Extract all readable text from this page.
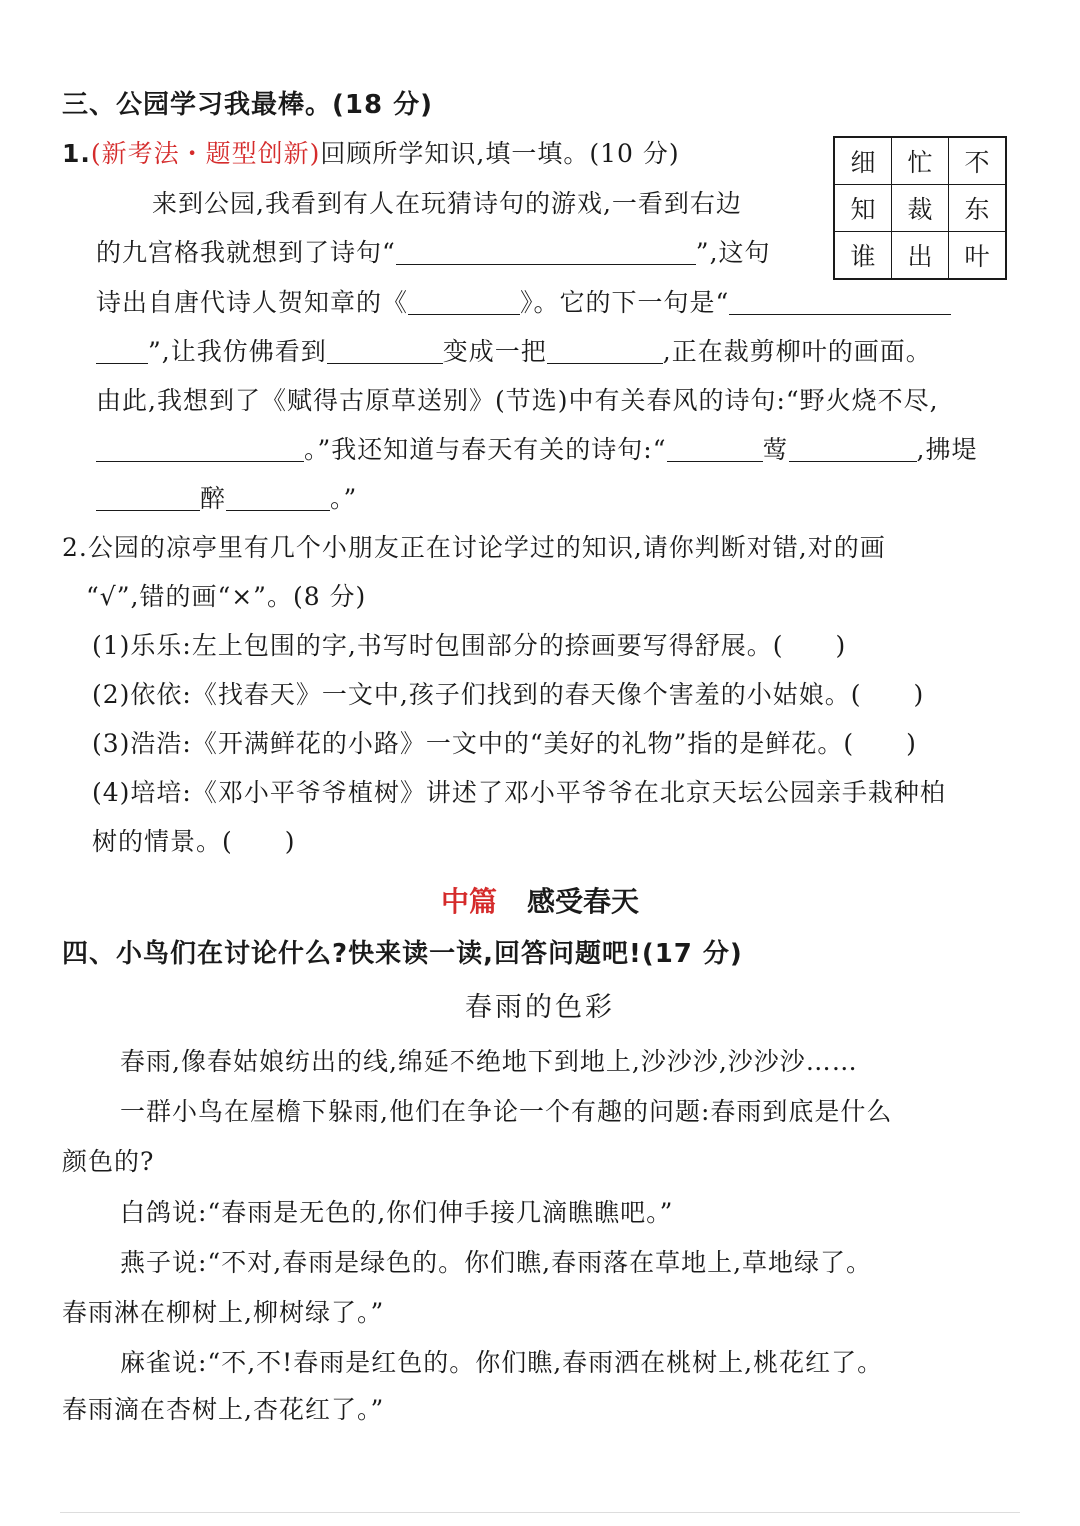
三、公园学习我最棒。(18 分)
1.(新考法・题型创新)回顾所学知识,填一填。(10 分)	细	忙	不
知	裁	东
谁	出	叶
来到公园,我看到有人在玩猜诗句的游戏,一看到右边
的九宫格我就想到了诗句“	”,这句
诗出自唐代诗人贺知章的《	》。它的下一句是“
”,让我仿佛看到	变成一把	,正在裁剪柳叶的画面。
由此,我想到了《赋得古原草送别》(节选)中有关春风的诗句:“野火烧不尽,
。”我还知道与春天有关的诗句:“	莺	,拂堤
醉	。”
2.公园的凉亭里有几个小朋友正在讨论学过的知识,请你判断对错,对的画
“√”,错的画“×”。(8 分)
(1)乐乐:左上包围的字,书写时包围部分的捺画要写得舒展。( )
(2)依依:《找春天》一文中,孩子们找到的春天像个害羞的小姑娘。( )
(3)浩浩:《开满鲜花的小路》一文中的“美好的礼物”指的是鲜花。( )
(4)培培:《邓小平爷爷植树》讲述了邓小平爷爷在北京天坛公园亲手栽种柏
树的情景。( )
中篇 感受春天
四、小鸟们在讨论什么?快来读一读,回答问题吧!(17 分)
春雨的色彩
春雨,像春姑娘纺出的线,绵延不绝地下到地上,沙沙沙,沙沙沙……
一群小鸟在屋檐下躲雨,他们在争论一个有趣的问题:春雨到底是什么
颜色的?
白鸽说:“春雨是无色的,你们伸手接几滴瞧瞧吧。”
燕子说:“不对,春雨是绿色的。你们瞧,春雨落在草地上,草地绿了。
春雨淋在柳树上,柳树绿了。”
麻雀说:“不,不!春雨是红色的。你们瞧,春雨洒在桃树上,桃花红了。
春雨滴在杏树上,杏花红了。”
